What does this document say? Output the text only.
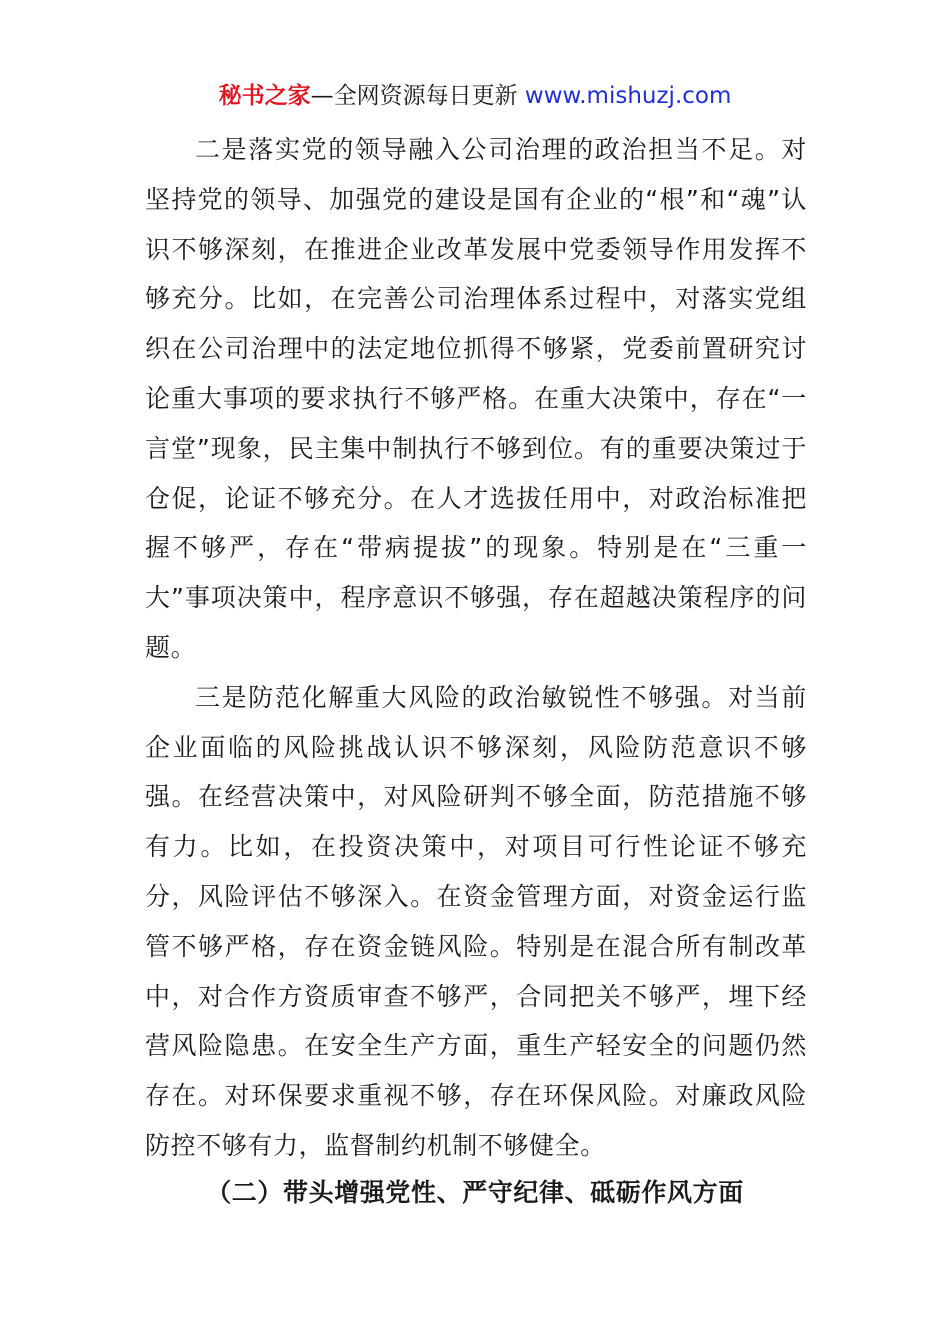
秘书之家—全网资源每日更新 www.mishuzj.com

二是落实党的领导融入公司治理的政治担当不足。对坚持党的领导、加强党的建设是国有企业的“根”和“魂”认识不够深刻，在推进企业改革发展中党委领导作用发挥不够充分。比如，在完善公司治理体系过程中，对落实党组织在公司治理中的法定地位抓得不够紧，党委前置研究讨论重大事项的要求执行不够严格。在重大决策中，存在“一言堂”现象，民主集中制执行不够到位。有的重要决策过于仓促，论证不够充分。在人才选拔任用中，对政治标准把握不够严，存在“带病提拔”的现象。特别是在“三重一大”事项决策中，程序意识不够强，存在超越决策程序的问题。

三是防范化解重大风险的政治敏锐性不够强。对当前企业面临的风险挑战认识不够深刻，风险防范意识不够强。在经营决策中，对风险研判不够全面，防范措施不够有力。比如，在投资决策中，对项目可行性论证不够充分，风险评估不够深入。在资金管理方面，对资金运行监管不够严格，存在资金链风险。特别是在混合所有制改革中，对合作方资质审查不够严，合同把关不够严，埋下经营风险隐患。在安全生产方面，重生产轻安全的问题仍然存在。对环保要求重视不够，存在环保风险。对廉政风险防控不够有力，监督制约机制不够健全。

（二）带头增强党性、严守纪律、砥砺作风方面
